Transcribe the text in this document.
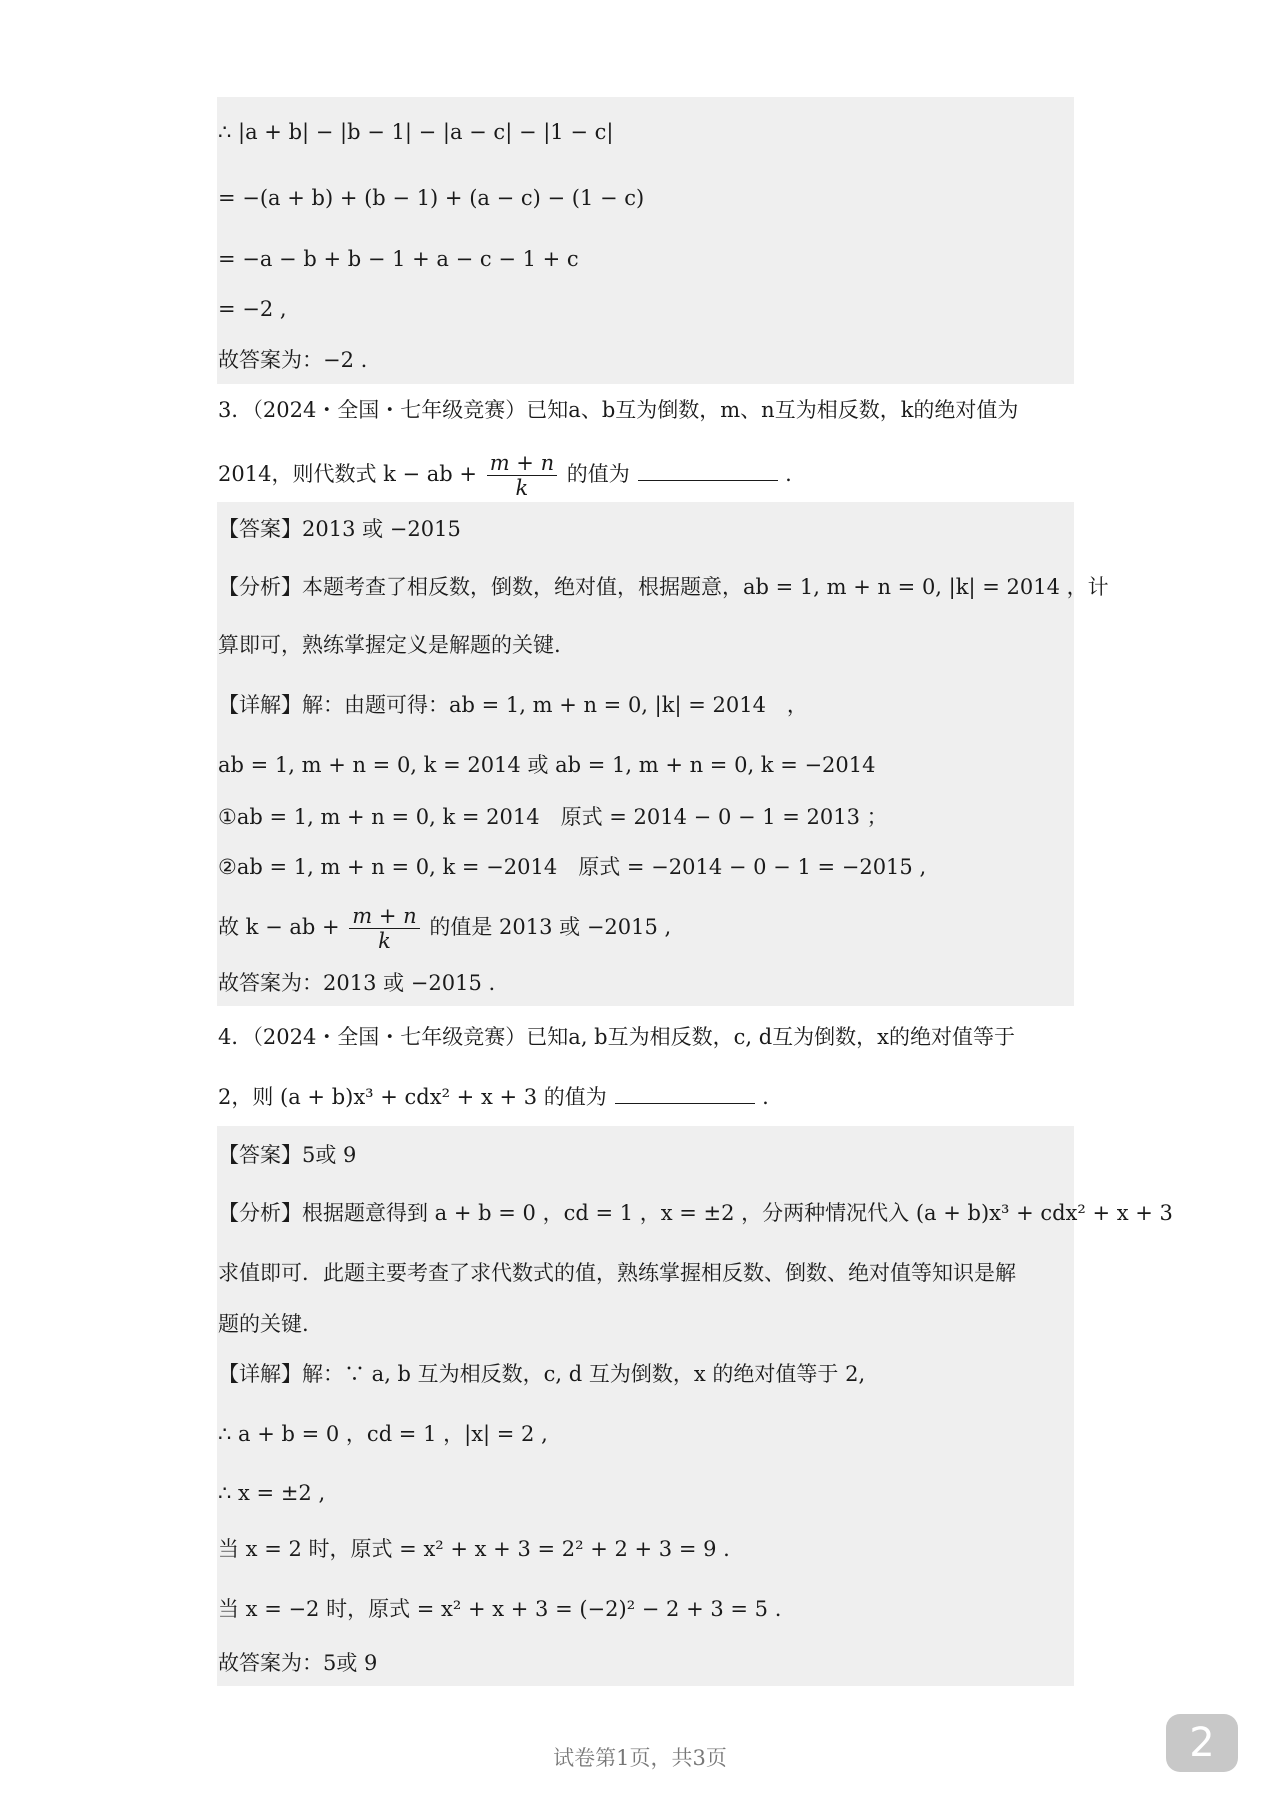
∴ |a + b| − |b − 1| − |a − c| − |1 − c|
= −(a + b) + (b − 1) + (a − c) − (1 − c)
= −a − b + b − 1 + a − c − 1 + c
= −2 ,
故答案为：−2 .
3．（2024・全国・七年级竞赛）已知a、b互为倒数，m、n互为相反数，k的绝对值为
2014，则代数式 k − ab + $\frac{m + n}{k}$ 的值为	.
【答案】2013 或 −2015
【分析】本题考查了相反数，倒数，绝对值，根据题意，ab = 1, m + n = 0, |k| = 2014 ，计
算即可，熟练掌握定义是解题的关键.
【详解】解：由题可得：ab = 1, m + n = 0, |k| = 2014　，
ab = 1, m + n = 0, k = 2014 或 ab = 1, m + n = 0, k = −2014
①ab = 1, m + n = 0, k = 2014　原式 = 2014 − 0 − 1 = 2013 ；
②ab = 1, m + n = 0, k = −2014　原式 = −2014 − 0 − 1 = −2015 ,
故 k − ab + $\frac{m + n}{k}$ 的值是 2013 或 −2015 ,
故答案为：2013 或 −2015 .
4．（2024・全国・七年级竞赛）已知a, b互为相反数，c, d互为倒数，x的绝对值等于
2，则 (a + b)x³ + cdx² + x + 3 的值为	.
【答案】5或 9
【分析】根据题意得到 a + b = 0 ，cd = 1 ，x = ±2 ，分两种情况代入 (a + b)x³ + cdx² + x + 3
求值即可．此题主要考查了求代数式的值，熟练掌握相反数、倒数、绝对值等知识是解
题的关键.
【详解】解：∵ a, b 互为相反数，c, d 互为倒数，x 的绝对值等于 2,
∴ a + b = 0 ，cd = 1 ，|x| = 2 ,
∴ x = ±2 ,
当 x = 2 时，原式 = x² + x + 3 = 2² + 2 + 3 = 9 .
当 x = −2 时，原式 = x² + x + 3 = (−2)² − 2 + 3 = 5 .
故答案为：5或 9
试卷第1页，共3页	2
